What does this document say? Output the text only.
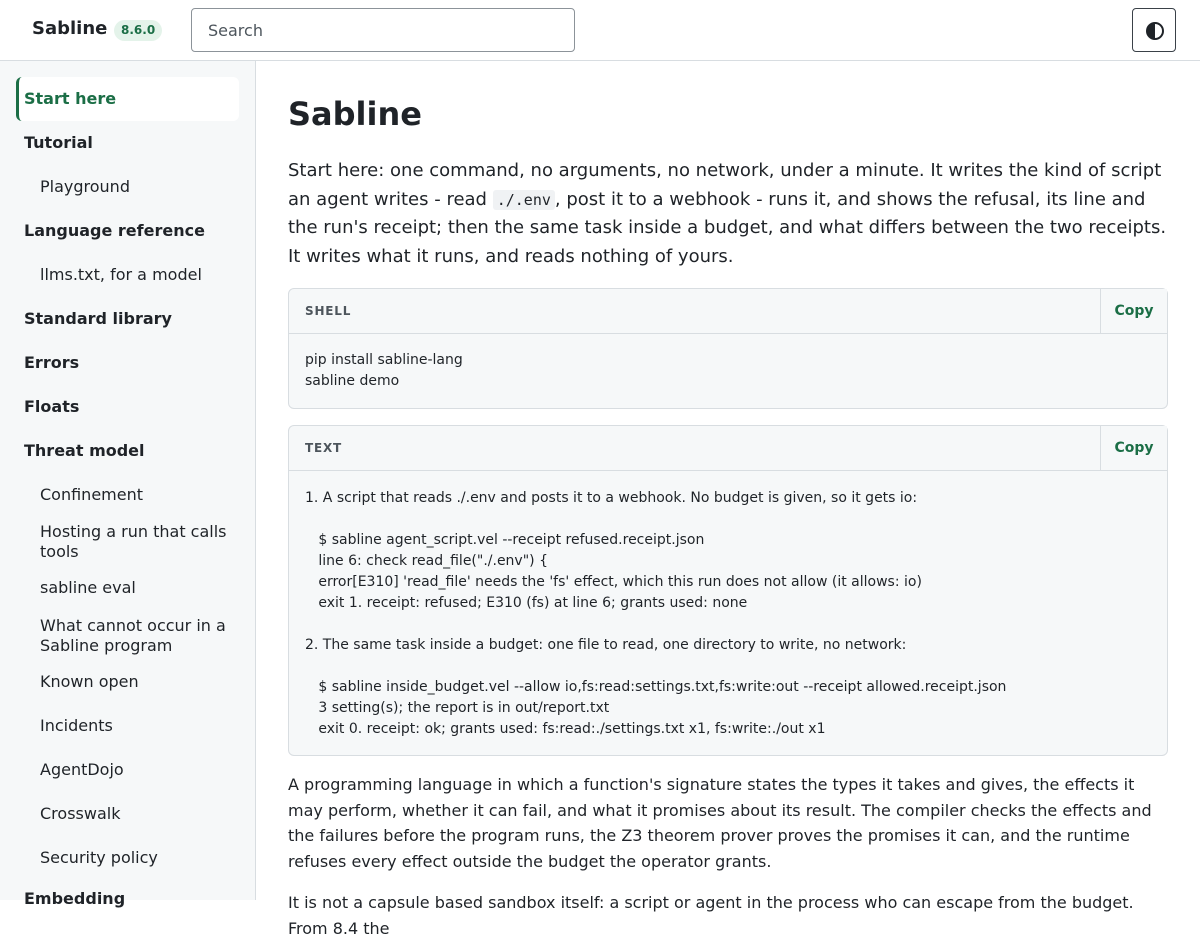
Sabline	8.6.0
Search
Start here
Tutorial
Playground
Language reference
llms.txt, for a model
Standard library
Errors
Floats
Threat model
Confinement
Hosting a run that calls tools
sabline eval
What cannot occur in a Sabline program
Known open
Incidents
AgentDojo
Crosswalk
Security policy
Embedding
Sabline

Start here: one command, no arguments, no network, under a minute. It writes the kind of script an agent writes - read ./.env , post it to a webhook - runs it, and shows the refusal, its line and the run's receipt; then the same task inside a budget, and what differs between the two receipts. It writes what it runs, and reads nothing of yours.

SHELL	Copy
pip install sabline-lang
sabline demo
TEXT	Copy
1. A script that reads ./.env and posts it to a webhook. No budget is given, so it gets io:
$ sabline agent_script.vel --receipt refused.receipt.json
line 6: check read_file("./.env") {
error[E310] 'read_file' needs the 'fs' effect, which this run does not allow (it allows: io)
exit 1. receipt: refused; E310 (fs) at line 6; grants used: none
2. The same task inside a budget: one file to read, one directory to write, no network:
$ sabline inside_budget.vel --allow io,fs:read:settings.txt,fs:write:out --receipt allowed.receipt.json
3 setting(s); the report is in out/report.txt
exit 0. receipt: ok; grants used: fs:read:./settings.txt x1, fs:write:./out x1

A programming language in which a function's signature states the types it takes and gives, the effects it may perform, whether it can fail, and what it promises about its result. The compiler checks the effects and the failures before the program runs, the Z3 theorem prover proves the promises it can, and the runtime refuses every effect outside the budget the operator grants.

It is not a capsule based sandbox itself: a script or agent in the process who can escape from the budget. From 8.4 the
